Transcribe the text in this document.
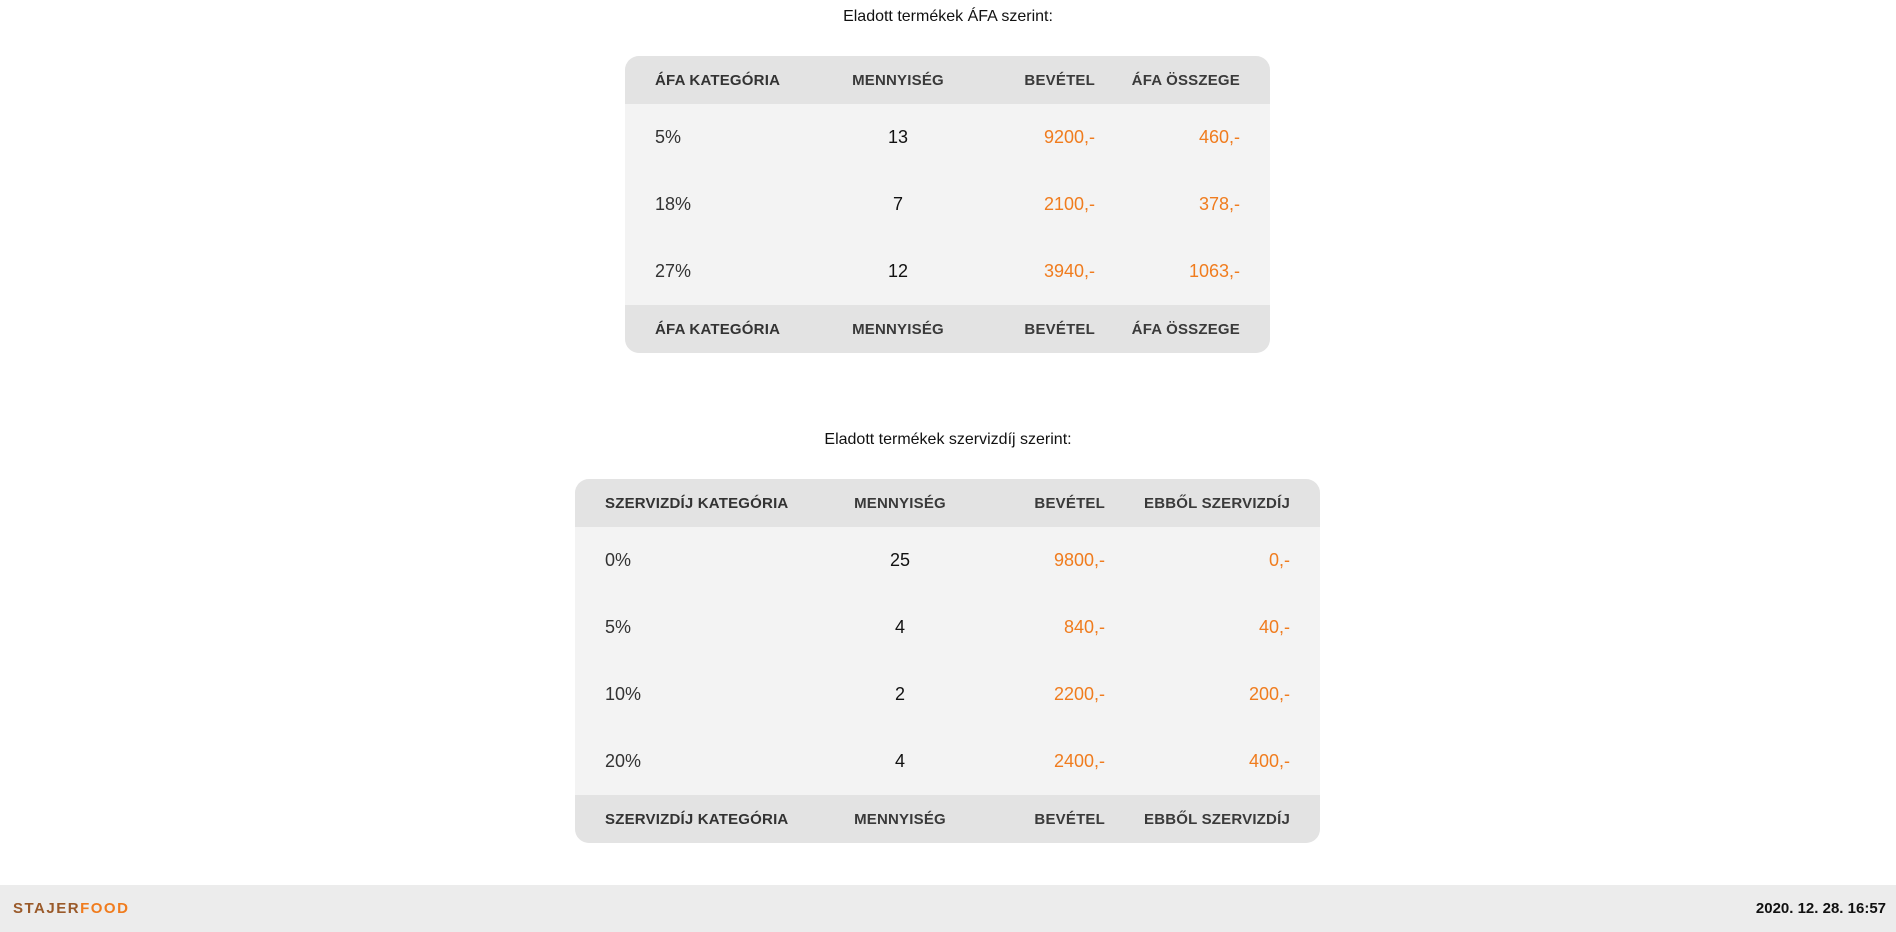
Eladott termékek ÁFA szerint:
ÁFA KATEGÓRIA	MENNYISÉG	BEVÉTEL	ÁFA ÖSSZEGE
5%	13	9200,-	460,-
18%	7	2100,-	378,-
27%	12	3940,-	1063,-
ÁFA KATEGÓRIA	MENNYISÉG	BEVÉTEL	ÁFA ÖSSZEGE
Eladott termékek szervizdíj szerint:
SZERVIZDÍJ KATEGÓRIA	MENNYISÉG	BEVÉTEL	EBBŐL SZERVIZDÍJ
0%	25	9800,-	0,-
5%	4	840,-	40,-
10%	2	2200,-	200,-
20%	4	2400,-	400,-
SZERVIZDÍJ KATEGÓRIA	MENNYISÉG	BEVÉTEL	EBBŐL SZERVIZDÍJ
STAJERFOOD	2020. 12. 28. 16:57
